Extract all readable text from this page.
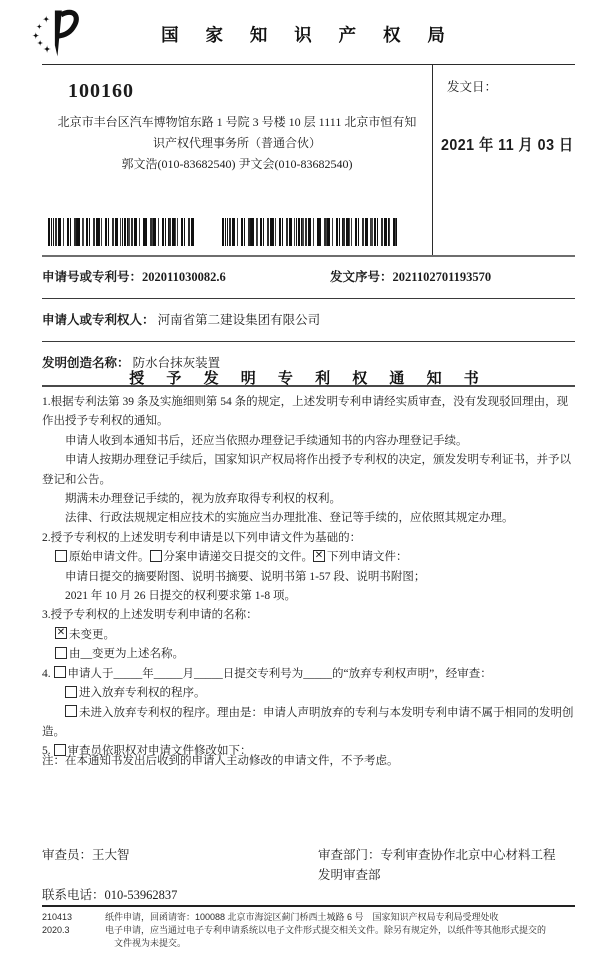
国 家 知 识 产 权 局
发文日：
2021 年 11 月 03 日
100160
北京市丰台区汽车博物馆东路 1 号院 3 号楼 10 层 1111 北京市恒有知
识产权代理事务所（普通合伙）
郭文浩(010-83682540) 尹文会(010-83682540)
申请号或专利号：202011030082.6	发文序号：2021102701193570
申请人或专利权人： 河南省第二建设集团有限公司
发明创造名称： 防水台抹灰装置
授 予 发 明 专 利 权 通 知 书
1.根据专利法第 39 条及实施细则第 54 条的规定，上述发明专利申请经实质审查，没有发现驳回理由，现作出授予专利权的通知。
申请人收到本通知书后，还应当依照办理登记手续通知书的内容办理登记手续。
申请人按期办理登记手续后，国家知识产权局将作出授予专利权的决定，颁发发明专利证书，并予以登记和公告。
期满未办理登记手续的，视为放弃取得专利权的权利。
法律、行政法规规定相应技术的实施应当办理批准、登记等手续的，应依照其规定办理。
2.授予专利权的上述发明专利申请是以下列申请文件为基础的：
原始申请文件。 分案申请递交日提交的文件。 ✕ 下列申请文件：
申请日提交的摘要附图、说明书摘要、说明书第 1-57 段、说明书附图；
2021 年 10 月 26 日提交的权利要求第 1-8 项。
3.授予专利权的上述发明专利申请的名称：
✕未变更。
由__变更为上述名称。
4. 申请人于_____年_____月_____日提交专利号为_____的“放弃专利权声明”，经审查：
进入放弃专利权的程序。
未进入放弃专利权的程序。理由是：申请人声明放弃的专利与本发明专利申请不属于相同的发明创造。
5. 审查员依职权对申请文件修改如下：
注：在本通知书发出后收到的申请人主动修改的申请文件，不予考虑。
审查员：王大智	审查部门：专利审查协作北京中心材料工程
发明审查部
联系电话：010-53962837
210413
2020.3
纸件申请，回函请寄：100088 北京市海淀区蓟门桥西土城路 6 号　国家知识产权局专利局受理处收
电子申请，应当通过电子专利申请系统以电子文件形式提交相关文件。除另有规定外，以纸件等其他形式提交的
文件视为未提交。
